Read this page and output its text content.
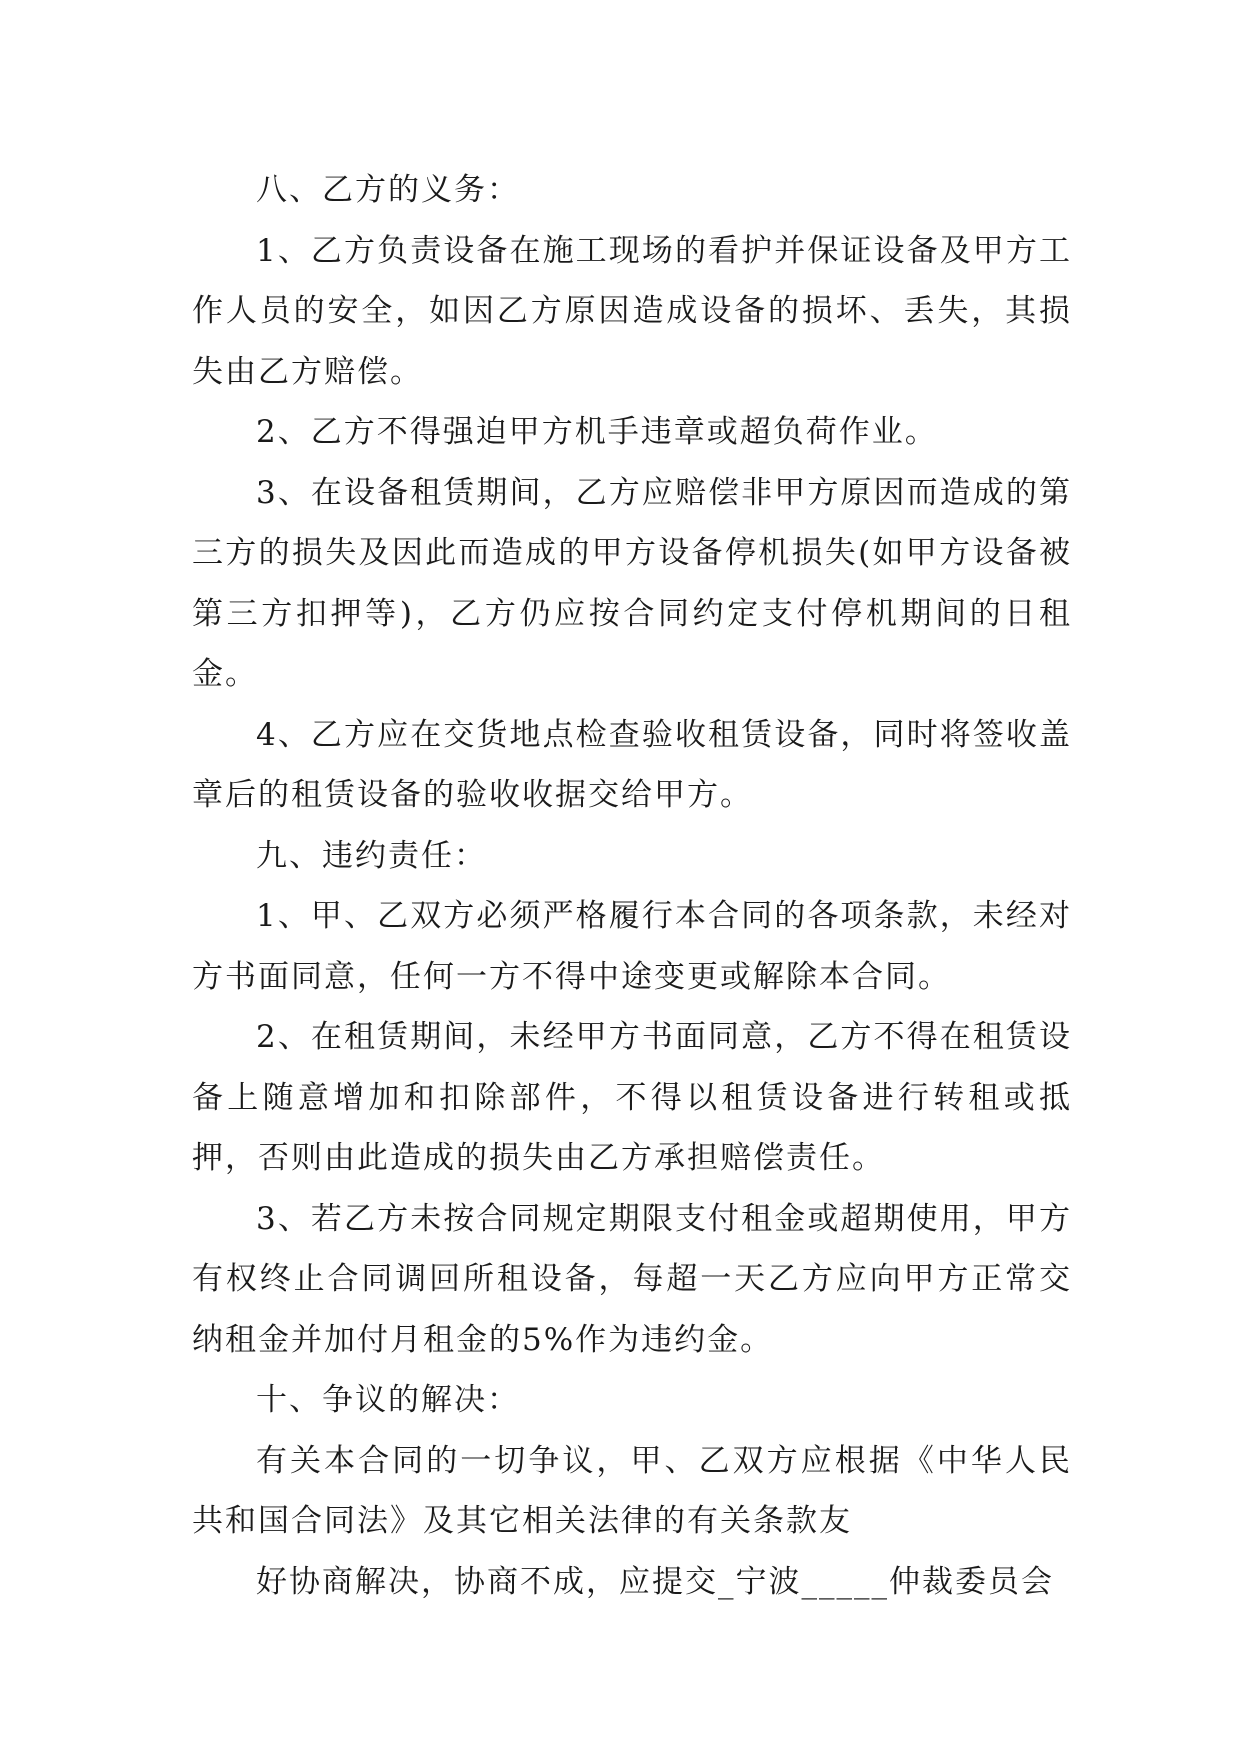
八、乙方的义务：

1、乙方负责设备在施工现场的看护并保证设备及甲方工作人员的安全，如因乙方原因造成设备的损坏、丢失，其损失由乙方赔偿。

2、乙方不得强迫甲方机手违章或超负荷作业。

3、在设备租赁期间，乙方应赔偿非甲方原因而造成的第三方的损失及因此而造成的甲方设备停机损失(如甲方设备被第三方扣押等)，乙方仍应按合同约定支付停机期间的日租金。

4、乙方应在交货地点检查验收租赁设备，同时将签收盖章后的租赁设备的验收收据交给甲方。

九、违约责任：

1、甲、乙双方必须严格履行本合同的各项条款，未经对方书面同意，任何一方不得中途变更或解除本合同。

2、在租赁期间，未经甲方书面同意，乙方不得在租赁设备上随意增加和扣除部件，不得以租赁设备进行转租或抵押，否则由此造成的损失由乙方承担赔偿责任。

3、若乙方未按合同规定期限支付租金或超期使用，甲方有权终止合同调回所租设备，每超一天乙方应向甲方正常交纳租金并加付月租金的5%作为违约金。

十、争议的解决：

有关本合同的一切争议，甲、乙双方应根据《中华人民共和国合同法》及其它相关法律的有关条款友

好协商解决，协商不成，应提交_宁波_____仲裁委员会
